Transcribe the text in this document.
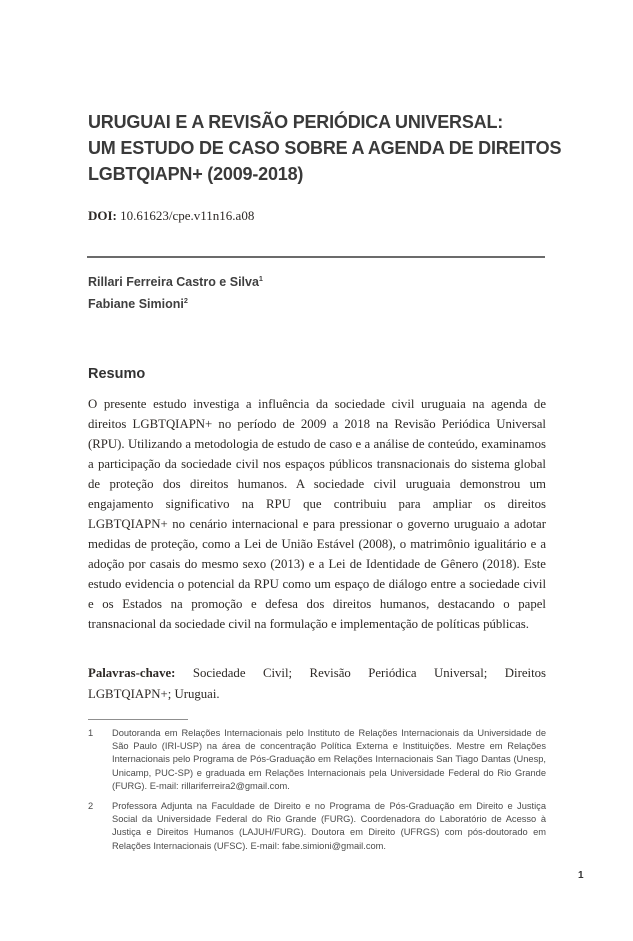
URUGUAI E A REVISÃO PERIÓDICA UNIVERSAL:
UM ESTUDO DE CASO SOBRE A AGENDA DE DIREITOS
LGBTQIAPN+ (2009-2018)
DOI: 10.61623/cpe.v11n16.a08
Rillari Ferreira Castro e Silva$^1$
Fabiane Simioni$^2$
Resumo
O presente estudo investiga a influência da sociedade civil uruguaia na agenda de direitos LGBTQIAPN+ no período de 2009 a 2018 na Revisão Periódica Universal (RPU). Utilizando a metodologia de estudo de caso e a análise de conteúdo, examinamos a participação da sociedade civil nos espaços públicos transnacionais do sistema global de proteção dos direitos humanos. A sociedade civil uruguaia demonstrou um engajamento significativo na RPU que contribuiu para ampliar os direitos LGBTQIAPN+ no cenário internacional e para pressionar o governo uruguaio a adotar medidas de proteção, como a Lei de União Estável (2008), o matrimônio igualitário e a adoção por casais do mesmo sexo (2013) e a Lei de Identidade de Gênero (2018). Este estudo evidencia o potencial da RPU como um espaço de diálogo entre a sociedade civil e os Estados na promoção e defesa dos direitos humanos, destacando o papel transnacional da sociedade civil na formulação e implementação de políticas públicas.
Palavras-chave: Sociedade Civil; Revisão Periódica Universal; Direitos LGBTQIAPN+; Uruguai.
1	Doutoranda em Relações Internacionais pelo Instituto de Relações Internacionais da Universidade de São Paulo (IRI-USP) na área de concentração Política Externa e Instituições. Mestre em Relações Internacionais pelo Programa de Pós-Graduação em Relações Internacionais San Tiago Dantas (Unesp, Unicamp, PUC-SP) e graduada em Relações Internacionais pela Universidade Federal do Rio Grande (FURG). E-mail: rillariferreira2@gmail.com.
2	Professora Adjunta na Faculdade de Direito e no Programa de Pós-Graduação em Direito e Justiça Social da Universidade Federal do Rio Grande (FURG). Coordenadora do Laboratório de Acesso à Justiça e Direitos Humanos (LAJUH/FURG). Doutora em Direito (UFRGS) com pós-doutorado em Relações Internacionais (UFSC). E-mail: fabe.simioni@gmail.com.
1
